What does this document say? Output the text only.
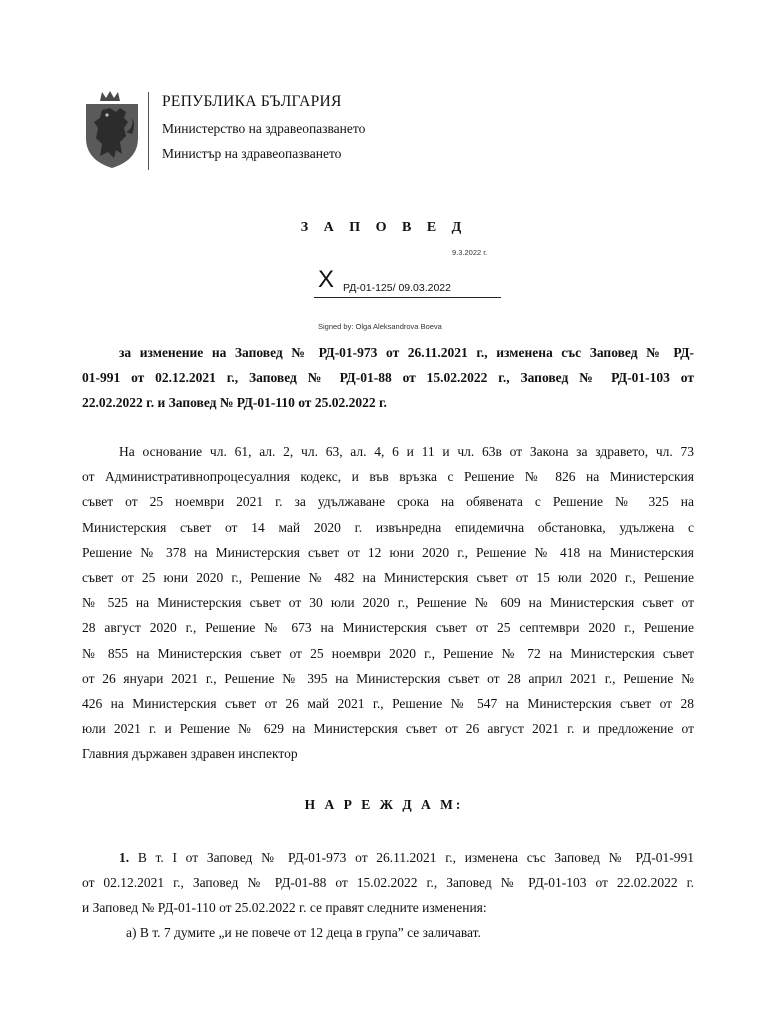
РЕПУБЛИКА БЪЛГАРИЯ
Министерство на здравеопазването
Министър на здравеопазването
З А П О В Е Д
9.3.2022 г.
X РД-01-125/ 09.03.2022
Signed by: Olga Aleksandrova Boeva
за изменение на Заповед № РД-01-973 от 26.11.2021 г., изменена със Заповед № РД-
01-991 от 02.12.2021 г., Заповед № РД-01-88 от 15.02.2022 г., Заповед № РД-01-103 от
22.02.2022 г. и Заповед № РД-01-110 от 25.02.2022 г.
На основание чл. 61, ал. 2, чл. 63, ал. 4, 6 и 11 и чл. 63в от Закона за здравето, чл. 73
от Административнопроцесуалния кодекс, и във връзка с Решение № 826 на Министерския
съвет от 25 ноември 2021 г. за удължаване срока на обявената с Решение № 325 на
Министерския съвет от 14 май 2020 г. извънредна епидемична обстановка, удължена с
Решение № 378 на Министерския съвет от 12 юни 2020 г., Решение № 418 на Министерския
съвет от 25 юни 2020 г., Решение № 482 на Министерския съвет от 15 юли 2020 г., Решение
№ 525 на Министерския съвет от 30 юли 2020 г., Решение № 609 на Министерския съвет от
28 август 2020 г., Решение № 673 на Министерския съвет от 25 септември 2020 г., Решение
№ 855 на Министерския съвет от 25 ноември 2020 г., Решение № 72 на Министерския съвет
от 26 януари 2021 г., Решение № 395 на Министерския съвет от 28 април 2021 г., Решение №
426 на Министерския съвет от 26 май 2021 г., Решение № 547 на Министерския съвет от 28
юли 2021 г. и Решение № 629 на Министерския съвет от 26 август 2021 г. и предложение от
Главния държавен здравен инспектор
Н А Р Е Ж Д А М:
1. В т. I от Заповед № РД-01-973 от 26.11.2021 г., изменена със Заповед № РД-01-991
от 02.12.2021 г., Заповед № РД-01-88 от 15.02.2022 г., Заповед № РД-01-103 от 22.02.2022 г.
и Заповед № РД-01-110 от 25.02.2022 г. се правят следните изменения:
а) В т. 7 думите „и не повече от 12 деца в група” се заличават.
